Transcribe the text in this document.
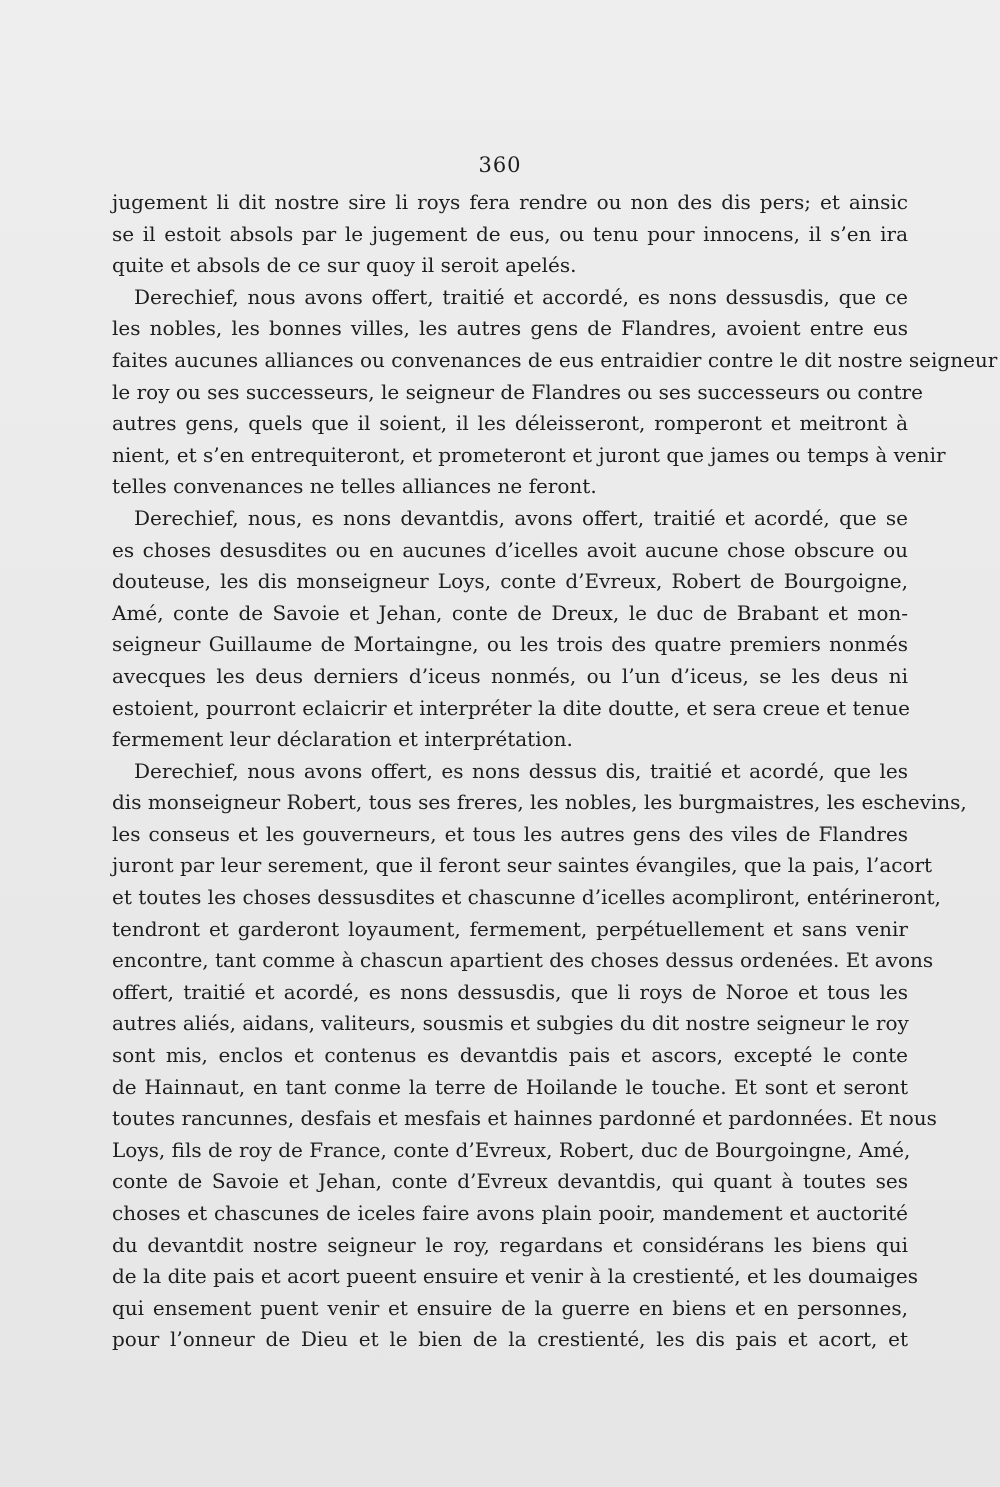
360
jugement li dit nostre sire li roys fera rendre ou non des dis pers; et ainsic
se il estoit absols par le jugement de eus, ou tenu pour innocens, il s’en ira
quite et absols de ce sur quoy il seroit apelés.
Derechief, nous avons offert, traitié et accordé, es nons dessusdis, que ce
les nobles, les bonnes villes, les autres gens de Flandres, avoient entre eus
faites aucunes alliances ou convenances de eus entraidier contre le dit nostre seigneur
le roy ou ses successeurs, le seigneur de Flandres ou ses successeurs ou contre
autres gens, quels que il soient, il les déleisseront, romperont et meitront à
nient, et s’en entrequiteront, et prometeront et juront que james ou temps à venir
telles convenances ne telles alliances ne feront.
Derechief, nous, es nons devantdis, avons offert, traitié et acordé, que se
es choses desusdites ou en aucunes d’icelles avoit aucune chose obscure ou
douteuse, les dis monseigneur Loys, conte d’Evreux, Robert de Bourgoigne,
Amé, conte de Savoie et Jehan, conte de Dreux, le duc de Brabant et mon-
seigneur Guillaume de Mortaingne, ou les trois des quatre premiers nonmés
avecques les deus derniers d’iceus nonmés, ou l’un d’iceus, se les deus ni
estoient, pourront eclaicrir et interpréter la dite doutte, et sera creue et tenue
fermement leur déclaration et interprétation.
Derechief, nous avons offert, es nons dessus dis, traitié et acordé, que les
dis monseigneur Robert, tous ses freres, les nobles, les burgmaistres, les eschevins,
les conseus et les gouverneurs, et tous les autres gens des viles de Flandres
juront par leur serement, que il feront seur saintes évangiles, que la pais, l’acort
et toutes les choses dessusdites et chascunne d’icelles acompliront, entérineront,
tendront et garderont loyaument, fermement, perpétuellement et sans venir
encontre, tant comme à chascun apartient des choses dessus ordenées. Et avons
offert, traitié et acordé, es nons dessusdis, que li roys de Noroe et tous les
autres aliés, aidans, valiteurs, sousmis et subgies du dit nostre seigneur le roy
sont mis, enclos et contenus es devantdis pais et ascors, excepté le conte
de Hainnaut, en tant conme la terre de Hoilande le touche. Et sont et seront
toutes rancunnes, desfais et mesfais et hainnes pardonné et pardonnées. Et nous
Loys, fils de roy de France, conte d’Evreux, Robert, duc de Bourgoingne, Amé,
conte de Savoie et Jehan, conte d’Evreux devantdis, qui quant à toutes ses
choses et chascunes de iceles faire avons plain pooir, mandement et auctorité
du devantdit nostre seigneur le roy, regardans et considérans les biens qui
de la dite pais et acort pueent ensuire et venir à la crestienté, et les doumaiges
qui ensement puent venir et ensuire de la guerre en biens et en personnes,
pour l’onneur de Dieu et le bien de la crestienté, les dis pais et acort, et
